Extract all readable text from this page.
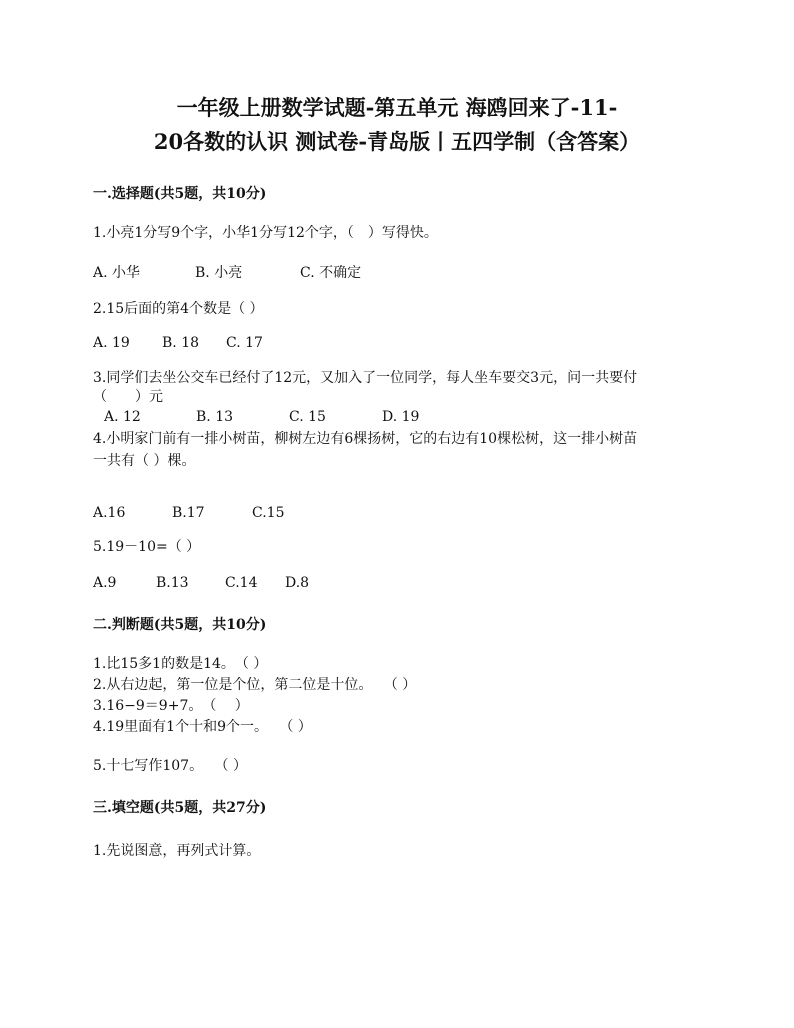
一年级上册数学试题-第五单元 海鸥回来了-11-
20各数的认识 测试卷-青岛版丨五四学制（含答案）
一.选择题(共5题，共10分)
1.小亮1分写9个字，小华1分写12个字，（　）写得快。
A. 小华	B. 小亮	C. 不确定
2.15后面的第4个数是（ ）
A. 19 B. 18 C. 17
3.同学们去坐公交车已经付了12元，又加入了一位同学，每人坐车要交3元，问一共要付
（　　）元
A. 12	B. 13	C. 15	D. 19
4.小明家门前有一排小树苗，柳树左边有6棵扬树，它的右边有10棵松树，这一排小树苗
一共有（ ）棵。
A.16	B.17	C.15
5.19－10=（ ）
A.9	B.13	C.14 D.8
二.判断题(共5题，共10分)
1.比15多1的数是14。　（ ）
2.从右边起，第一位是个位，第二位是十位。　 （ ）
3.16−9＝9+7。　（　 ）
4.19里面有1个十和9个一。　 （ ）
5.十七写作107。　 （ ）
三.填空题(共5题，共27分)
1.先说图意，再列式计算。
